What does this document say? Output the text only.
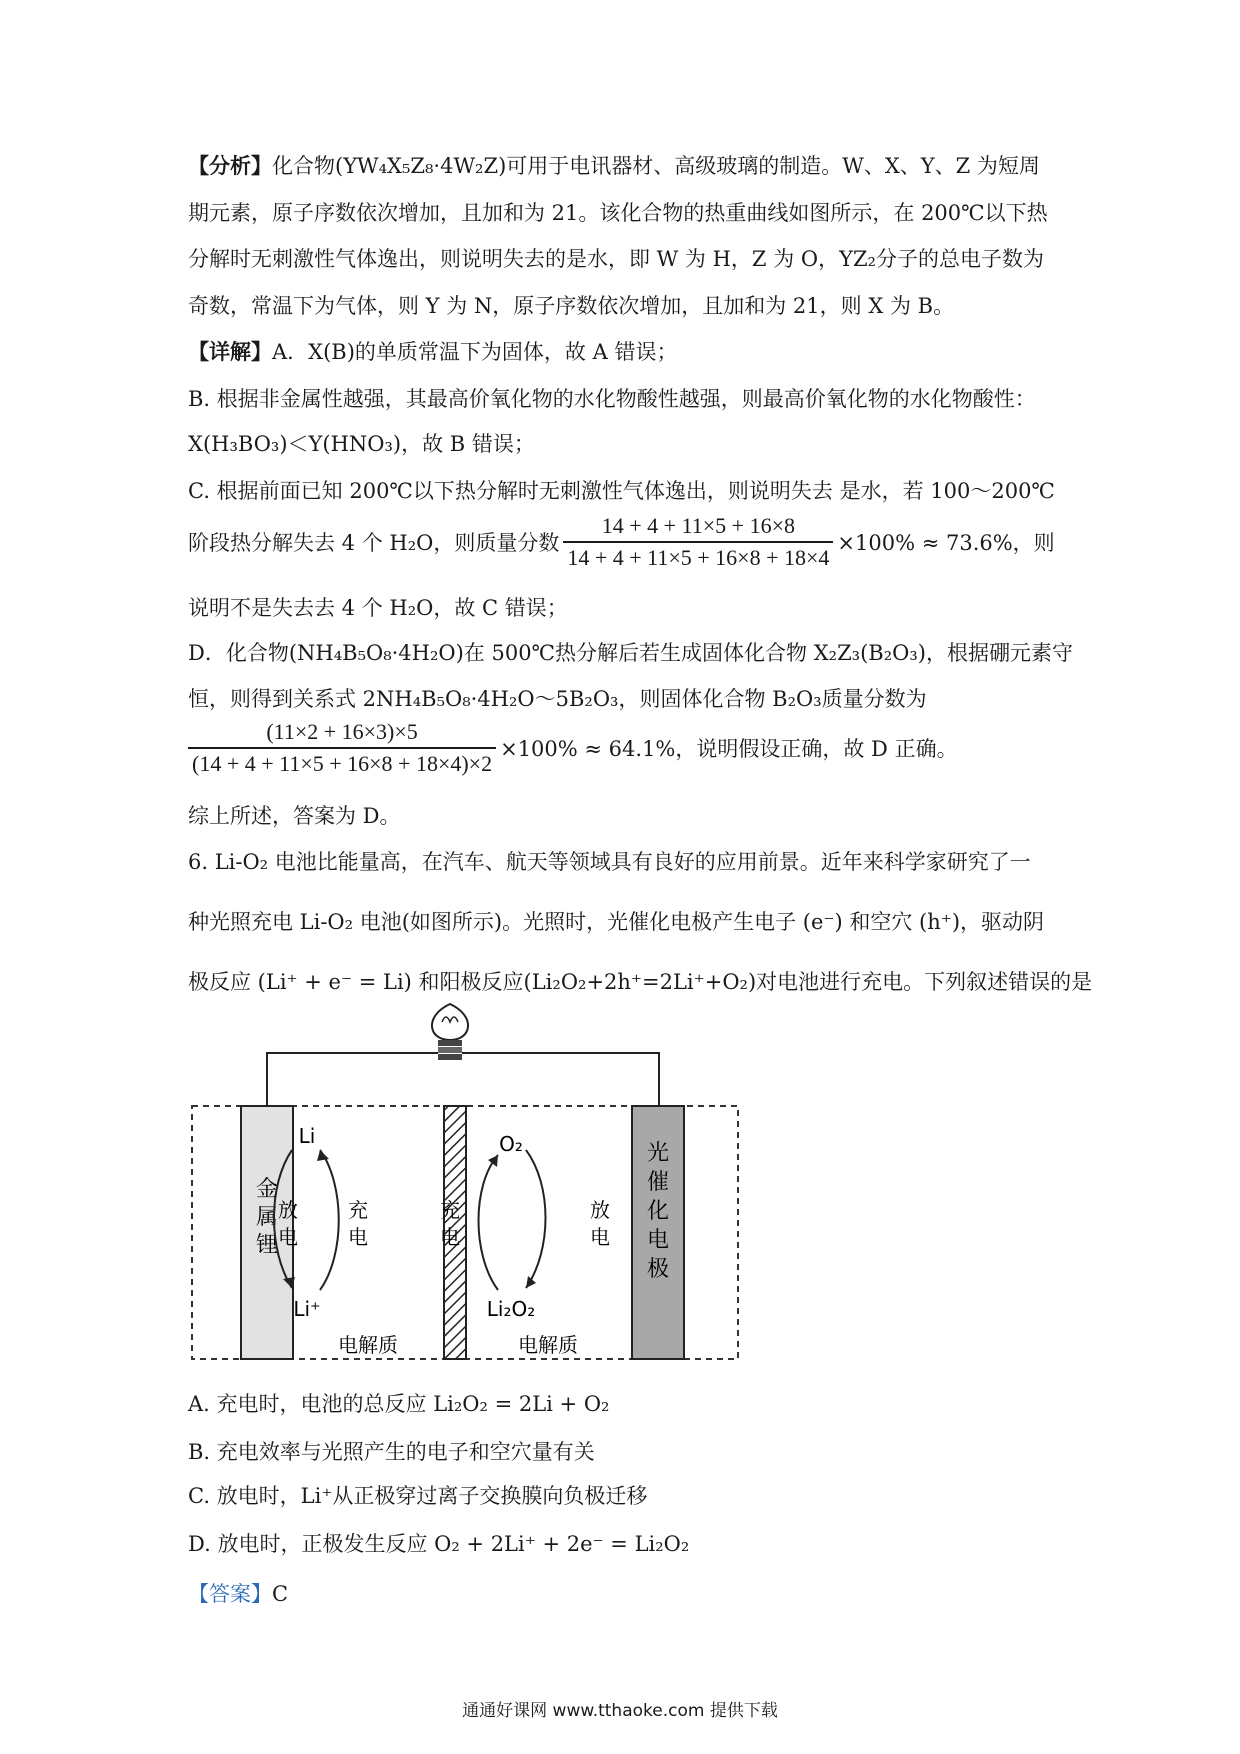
【分析】化合物(YW₄X₅Z₈·4W₂Z)可用于电讯器材、高级玻璃的制造。W、X、Y、Z 为短周
期元素，原子序数依次增加，且加和为 21。该化合物的热重曲线如图所示，在 200℃以下热
分解时无刺激性气体逸出，则说明失去的是水，即 W 为 H，Z 为 O，YZ₂分子的总电子数为
奇数，常温下为气体，则 Y 为 N，原子序数依次增加，且加和为 21，则 X 为 B。
【详解】A．X(B)的单质常温下为固体，故 A 错误；
B. 根据非金属性越强，其最高价氧化物的水化物酸性越强，则最高价氧化物的水化物酸性：
X(H₃BO₃)＜Y(HNO₃)，故 B 错误；
C. 根据前面已知 200℃以下热分解时无刺激性气体逸出，则说明失去 是水，若 100～200℃
阶段热分解失去 4 个 H₂O，则质量分数 $\frac{14 + 4 + 11\times 5 + 16\times 8}{14 + 4 + 11\times 5 + 16\times 8 + 18\times 4} \times 100\% \approx 73.6\%$，则
说明不是失去去 4 个 H₂O，故 C 错误；
D．化合物(NH₄B₅O₈·4H₂O)在 500℃热分解后若生成固体化合物 X₂Z₃(B₂O₃)，根据硼元素守
恒，则得到关系式 2NH₄B₅O₈·4H₂O～5B₂O₃，则固体化合物 B₂O₃质量分数为
$\frac{(11\times 2 + 16\times 3)\times 5}{(14 + 4 + 11\times 5 + 16\times 8 + 18\times 4)\times 2} \times 100\% \approx 64.1\%$，说明假设正确，故 D 正确。
综上所述，答案为 D。
6. Li-O₂ 电池比能量高，在汽车、航天等领域具有良好的应用前景。近年来科学家研究了一
种光照充电 Li-O₂ 电池(如图所示)。光照时，光催化电极产生电子 (e⁻) 和空穴 (h⁺)，驱动阴
极反应 (Li⁺ + e⁻ = Li) 和阳极反应(Li₂O₂+2h⁺=2Li⁺+O₂)对电池进行充电。下列叙述错误的是
金
属
锂
光
催
化
电
极
Li
Li⁺
放
电
充
电
O₂
Li₂O₂
充
电
放
电
电解质	电解质
A. 充电时，电池的总反应 Li₂O₂ = 2Li + O₂
B. 充电效率与光照产生的电子和空穴量有关
C. 放电时，Li⁺从正极穿过离子交换膜向负极迁移
D. 放电时，正极发生反应 O₂ + 2Li⁺ + 2e⁻ = Li₂O₂
【答案】C
通通好课网 www.tthaoke.com 提供下载
